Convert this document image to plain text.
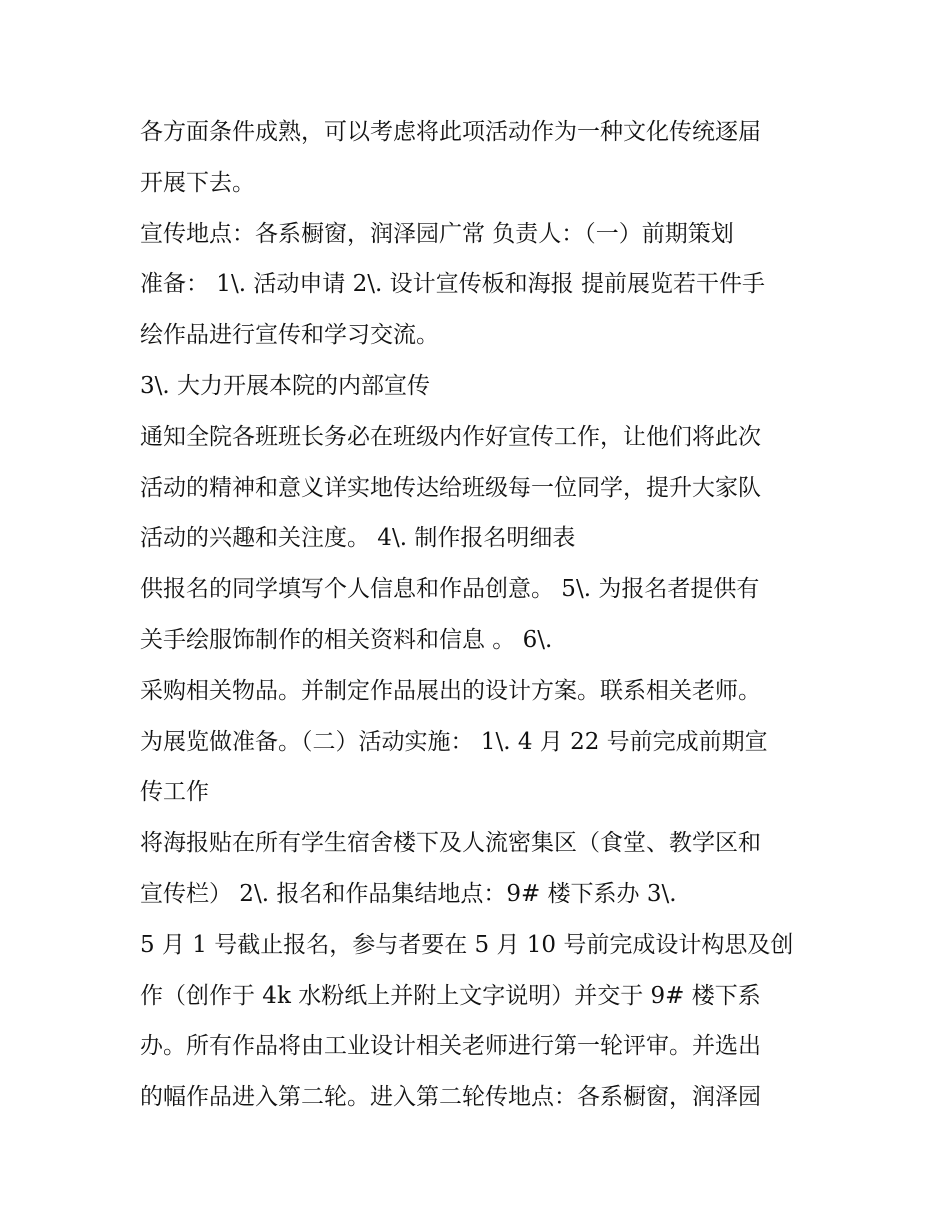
各方面条件成熟，可以考虑将此项活动作为一种文化传统逐届
开展下去。
宣传地点：各系橱窗，润泽园广常 负责人：（一）前期策划
准备： 1\. 活动申请 2\. 设计宣传板和海报 提前展览若干件手
绘作品进行宣传和学习交流。
3\. 大力开展本院的内部宣传
通知全院各班班长务必在班级内作好宣传工作，让他们将此次
活动的精神和意义详实地传达给班级每一位同学，提升大家队
活动的兴趣和关注度。 4\. 制作报名明细表
供报名的同学填写个人信息和作品创意。 5\. 为报名者提供有
关手绘服饰制作的相关资料和信息 。 6\.
采购相关物品。并制定作品展出的设计方案。联系相关老师。
为展览做准备。（二）活动实施： 1\. 4 月 22 号前完成前期宣
传工作
将海报贴在所有学生宿舍楼下及人流密集区（食堂、教学区和
宣传栏） 2\. 报名和作品集结地点：9# 楼下系办 3\.
5 月 1 号截止报名，参与者要在 5 月 10 号前完成设计构思及创
作（创作于 4k 水粉纸上并附上文字说明）并交于 9# 楼下系
办。所有作品将由工业设计相关老师进行第一轮评审。并选出
的幅作品进入第二轮。进入第二轮传地点：各系橱窗，润泽园
